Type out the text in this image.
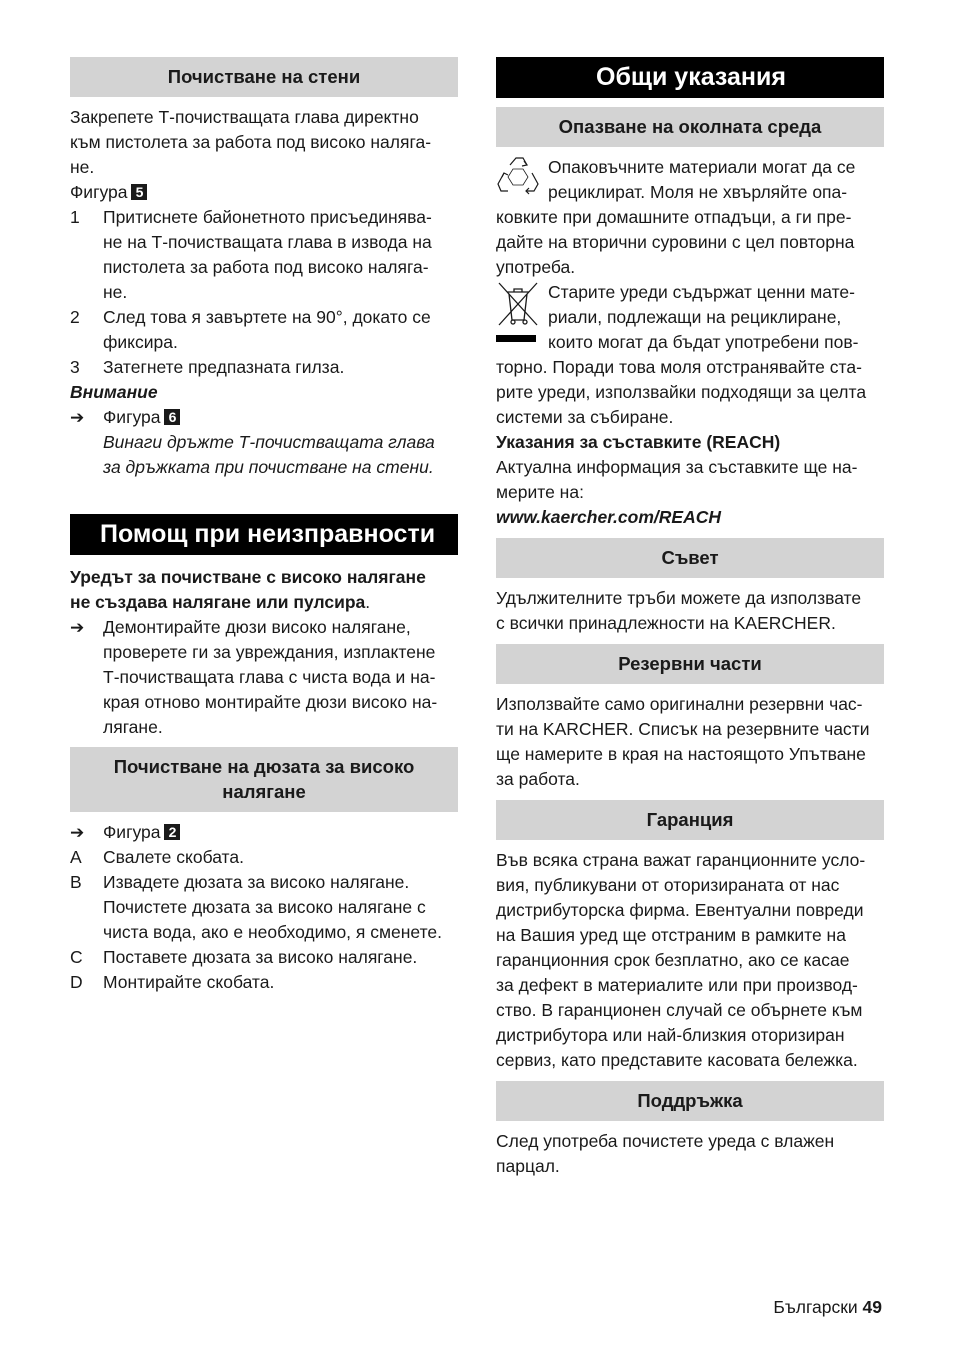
Почистване на стени
Закрепете Т-почистващата глава директно
към пистолета за работа под високо наляга-
не.
Фигура 5
1	Притиснете байонетното присъединява-
не на Т-почистващата глава в извода на
пистолета за работа под високо наляга-
не.
2	След това я завъртете на 90°, докато се
фиксира.
3	Затегнете предпазната гилза.
Внимание
➔	Фигура 6
Винаги дръжте Т-почистващата глава
за дръжката при почистване на стени.
Помощ при неизправности
Уредът за почистване с високо налягане
не създава налягане или пулсира.
➔	Демонтирайте дюзи високо налягане,
проверете ги за увреждания, изплактене
Т-почистващата глава с чиста вода и на-
края отново монтирайте дюзи високо на-
лягане.
Почистване на дюзата за високо
налягане
➔	Фигура 2
A	Свалете скобата.
B	Извадете дюзата за високо налягане.
Почистете дюзата за високо налягане с
чиста вода, ако е необходимо, я сменете.
C	Поставете дюзата за високо налягане.
D	Монтирайте скобата.
Общи указания
Опазване на околната среда
Опаковъчните материали могат да се
рециклират. Моля не хвърляйте опа-
ковките при домашните отпадъци, а ги пре-
дайте на вторични суровини с цел повторна
употреба.
Старите уреди съдържат ценни мате-
риали, подлежащи на рециклиране,
които могат да бъдат употребени пов-
торно. Поради това моля отстранявайте ста-
рите уреди, използвайки подходящи за целта
системи за събиране.
Указания за съставките (REACH)
Актуална информация за съставките ще на-
мерите на:
www.kaercher.com/REACH
Съвет
Удължителните тръби можете да използвате
с всички принадлежности на KAERCHER.
Резервни части
Използвайте само оригинални резервни час-
ти на KARCHER. Списък на резервните части
ще намерите в края на настоящото Упътване
за работа.
Гаранция
Във всяка страна важат гаранционните усло-
вия, публикувани от оторизираната от нас
дистрибуторска фирма. Евентуални повреди
на Вашия уред ще отстраним в рамките на
гаранционния срок безплатно, ако се касае
за дефект в материалите или при производ-
ство. В гаранционен случай се обърнете към
дистрибутора или най-близкия оторизиран
сервиз, като представите касовата бележка.
Поддръжка
След употреба почистете уреда с влажен
парцал.
Български 49
